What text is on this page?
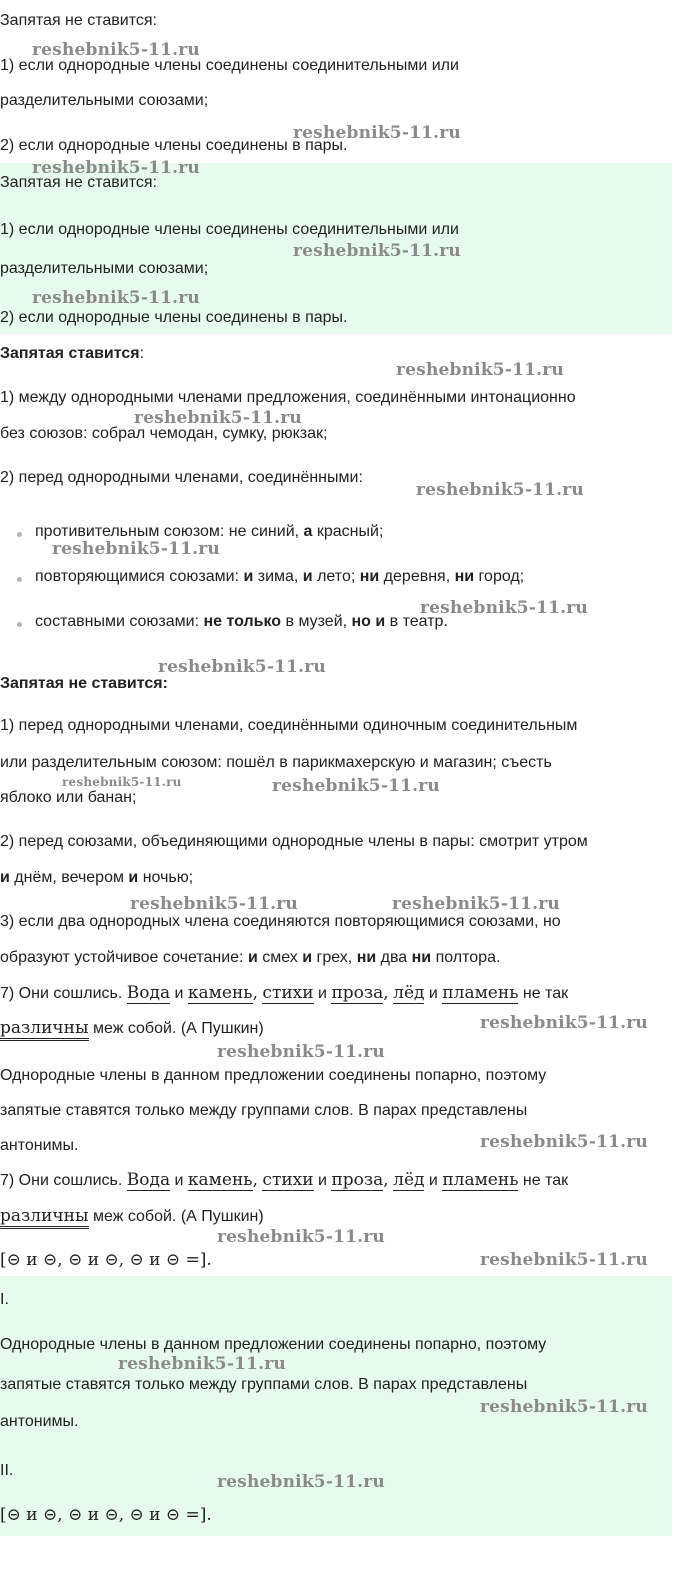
Запятая не ставится:
1) если однородные члены соединены соединительными или
разделительными союзами;
2) если однородные члены соединены в пары.
Запятая не ставится:
1) если однородные члены соединены соединительными или
разделительными союзами;
2) если однородные члены соединены в пары.
Запятая ставится:
1) между однородными членами предложения, соединёнными интонационно
без союзов: собрал чемодан, сумку, рюкзак;
2) перед однородными членами, соединёнными:
противительным союзом: не синий, а красный;
повторяющимися союзами: и зима, и лето; ни деревня, ни город;
составными союзами: не только в музей, но и в театр.
Запятая не ставится:
1) перед однородными членами, соединёнными одиночным соединительным
или разделительным союзом: пошёл в парикмахерскую и магазин; съесть
яблоко или банан;
2) перед союзами, объединяющими однородные члены в пары: смотрит утром
и днём, вечером и ночью;
3) если два однородных члена соединяются повторяющимися союзами, но
образуют устойчивое сочетание: и смех и грех, ни два ни полтора.
7) Они сошлись. Вода и камень, стихи и проза, лёд и пламень не так
различны меж собой. (А Пушкин)
Однородные члены в данном предложении соединены попарно, поэтому
запятые ставятся только между группами слов. В парах представлены
антонимы.
7) Они сошлись. Вода и камень, стихи и проза, лёд и пламень не так
различны меж собой. (А Пушкин)
[⊝ и ⊝, ⊝ и ⊝, ⊝ и ⊝ =].
I.
Однородные члены в данном предложении соединены попарно, поэтому
запятые ставятся только между группами слов. В парах представлены
антонимы.
II.
[⊝ и ⊝, ⊝ и ⊝, ⊝ и ⊝ =].
reshebnik5-11.ru
reshebnik5-11.ru
reshebnik5-11.ru
reshebnik5-11.ru
reshebnik5-11.ru
reshebnik5-11.ru
reshebnik5-11.ru
reshebnik5-11.ru
reshebnik5-11.ru
reshebnik5-11.ru
reshebnik5-11.ru
reshebnik5-11.ru	reshebnik5-11.ru
reshebnik5-11.ru	reshebnik5-11.ru
reshebnik5-11.ru
reshebnik5-11.ru
reshebnik5-11.ru
reshebnik5-11.ru
reshebnik5-11.ru
reshebnik5-11.ru
reshebnik5-11.ru
reshebnik5-11.ru
